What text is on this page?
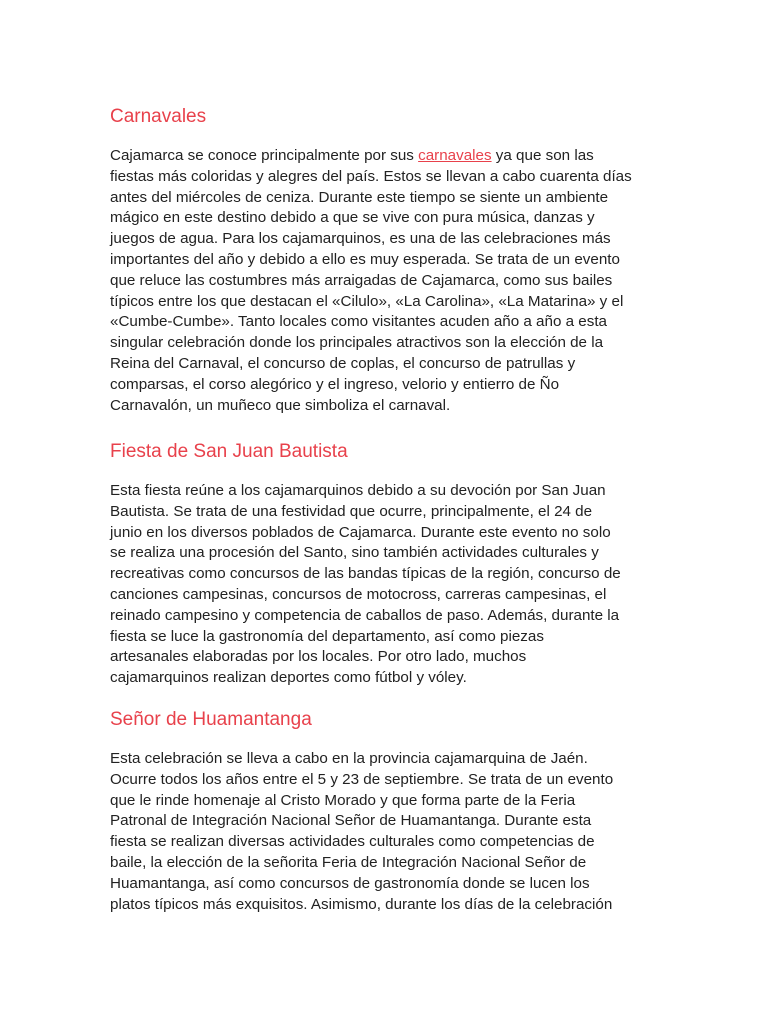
Carnavales

Cajamarca se conoce principalmente por sus carnavales ya que son las
fiestas más coloridas y alegres del país. Estos se llevan a cabo cuarenta días
antes del miércoles de ceniza. Durante este tiempo se siente un ambiente
mágico en este destino debido a que se vive con pura música, danzas y
juegos de agua. Para los cajamarquinos, es una de las celebraciones más
importantes del año y debido a ello es muy esperada. Se trata de un evento
que reluce las costumbres más arraigadas de Cajamarca, como sus bailes
típicos entre los que destacan el «Cilulo», «La Carolina», «La Matarina» y el
«Cumbe-Cumbe». Tanto locales como visitantes acuden año a año a esta
singular celebración donde los principales atractivos son la elección de la
Reina del Carnaval, el concurso de coplas, el concurso de patrullas y
comparsas, el corso alegórico y el ingreso, velorio y entierro de Ño
Carnavalón, un muñeco que simboliza el carnaval.

Fiesta de San Juan Bautista

Esta fiesta reúne a los cajamarquinos debido a su devoción por San Juan
Bautista. Se trata de una festividad que ocurre, principalmente, el 24 de
junio en los diversos poblados de Cajamarca. Durante este evento no solo
se realiza una procesión del Santo, sino también actividades culturales y
recreativas como concursos de las bandas típicas de la región, concurso de
canciones campesinas, concursos de motocross, carreras campesinas, el
reinado campesino y competencia de caballos de paso. Además, durante la
fiesta se luce la gastronomía del departamento, así como piezas
artesanales elaboradas por los locales. Por otro lado, muchos
cajamarquinos realizan deportes como fútbol y vóley.

Señor de Huamantanga

Esta celebración se lleva a cabo en la provincia cajamarquina de Jaén.
Ocurre todos los años entre el 5 y 23 de septiembre. Se trata de un evento
que le rinde homenaje al Cristo Morado y que forma parte de la Feria
Patronal de Integración Nacional Señor de Huamantanga. Durante esta
fiesta se realizan diversas actividades culturales como competencias de
baile, la elección de la señorita Feria de Integración Nacional Señor de
Huamantanga, así como concursos de gastronomía donde se lucen los
platos típicos más exquisitos. Asimismo, durante los días de la celebración
